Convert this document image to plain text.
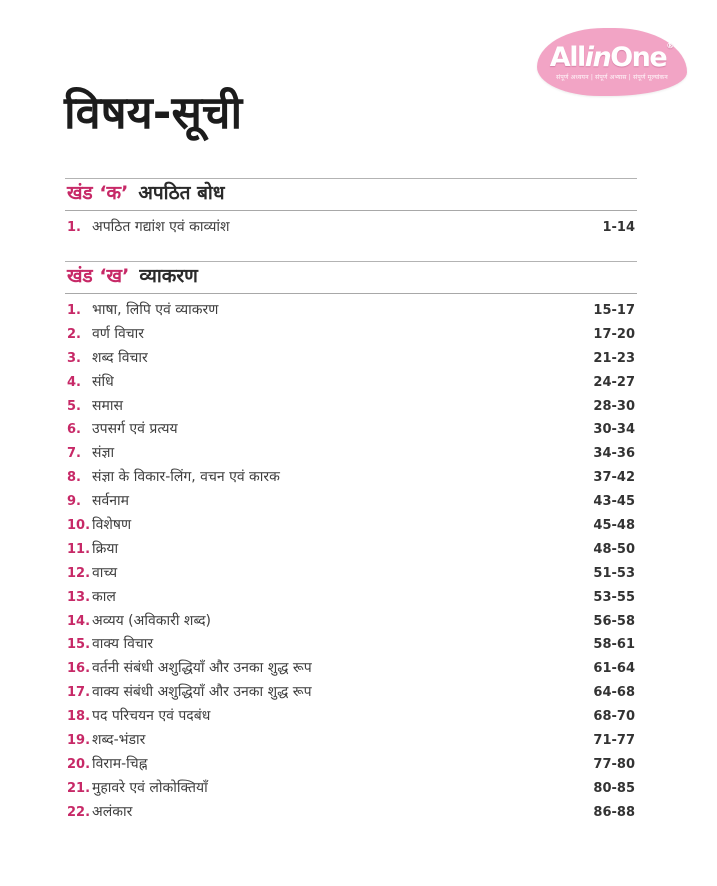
AllinOne®
संपूर्ण अध्ययन | संपूर्ण अभ्यास | संपूर्ण मूल्यांकन
विषय-सूची
खंड ‘क’ अपठित बोध
1. अपठित गद्यांश एवं काव्यांश	1-14
खंड ‘ख’ व्याकरण
1. भाषा, लिपि एवं व्याकरण	15-17
2. वर्ण विचार	17-20
3. शब्द विचार	21-23
4. संधि	24-27
5. समास	28-30
6. उपसर्ग एवं प्रत्यय	30-34
7. संज्ञा	34-36
8. संज्ञा के विकार-लिंग, वचन एवं कारक	37-42
9. सर्वनाम	43-45
10. विशेषण	45-48
11. क्रिया	48-50
12. वाच्य	51-53
13. काल	53-55
14. अव्यय (अविकारी शब्द)	56-58
15. वाक्य विचार	58-61
16. वर्तनी संबंधी अशुद्धियाँ और उनका शुद्ध रूप	61-64
17. वाक्य संबंधी अशुद्धियाँ और उनका शुद्ध रूप	64-68
18. पद परिचयन एवं पदबंध	68-70
19. शब्द-भंडार	71-77
20. विराम-चिह्न	77-80
21. मुहावरे एवं लोकोक्तियाँ	80-85
22. अलंकार	86-88
